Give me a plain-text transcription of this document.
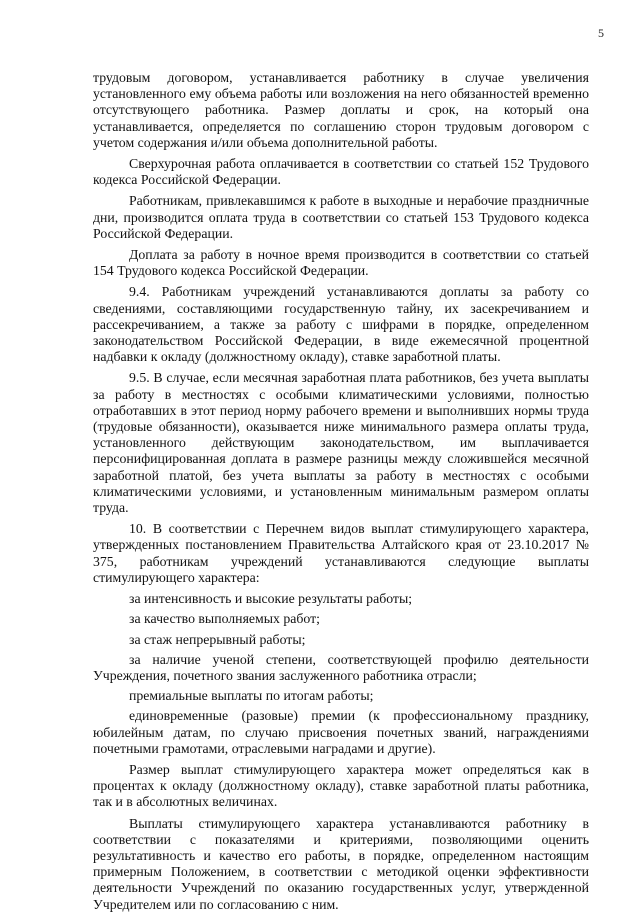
5

трудовым договором, устанавливается работнику в случае увеличения установленного ему объема работы или возложения на него обязанностей временно отсутствующего работника. Размер доплаты и срок, на который она устанавливается, определяется по соглашению сторон трудовым договором с учетом содержания и/или объема дополнительной работы.

Сверхурочная работа оплачивается в соответствии со статьей 152 Трудового кодекса Российской Федерации.

Работникам, привлекавшимся к работе в выходные и нерабочие праздничные дни, производится оплата труда в соответствии со статьей 153 Трудового кодекса Российской Федерации.

Доплата за работу в ночное время производится в соответствии со статьей 154 Трудового кодекса Российской Федерации.

9.4. Работникам учреждений устанавливаются доплаты за работу со сведениями, составляющими государственную тайну, их засекречиванием и рассекречиванием, а также за работу с шифрами в порядке, определенном законодательством Российской Федерации, в виде ежемесячной процентной надбавки к окладу (должностному окладу), ставке заработной платы.

9.5. В случае, если месячная заработная плата работников, без учета выплаты за работу в местностях с особыми климатическими условиями, полностью отработавших в этот период норму рабочего времени и выполнивших нормы труда (трудовые обязанности), оказывается ниже минимального размера оплаты труда, установленного действующим законодательством, им выплачивается персонифицированная доплата в размере разницы между сложившейся месячной заработной платой, без учета выплаты за работу в местностях с особыми климатическими условиями, и установленным минимальным размером оплаты труда.

10. В соответствии с Перечнем видов выплат стимулирующего характера, утвержденных постановлением Правительства Алтайского края от 23.10.2017 № 375, работникам учреждений устанавливаются следующие выплаты стимулирующего характера:

за интенсивность и высокие результаты работы;

за качество выполняемых работ;

за стаж непрерывный работы;

за наличие ученой степени, соответствующей профилю деятельности Учреждения, почетного звания заслуженного работника отрасли;

премиальные выплаты по итогам работы;

единовременные (разовые) премии (к профессиональному празднику, юбилейным датам, по случаю присвоения почетных званий, награждениями почетными грамотами, отраслевыми наградами и другие).

Размер выплат стимулирующего характера может определяться как в процентах к окладу (должностному окладу), ставке заработной платы работника, так и в абсолютных величинах.

Выплаты стимулирующего характера устанавливаются работнику в соответствии с показателями и критериями, позволяющими оценить результативность и качество его работы, в порядке, определенном настоящим примерным Положением, в соответствии с методикой оценки эффективности деятельности Учреждений по оказанию государственных услуг, утвержденной Учредителем или по согласованию с ним.
